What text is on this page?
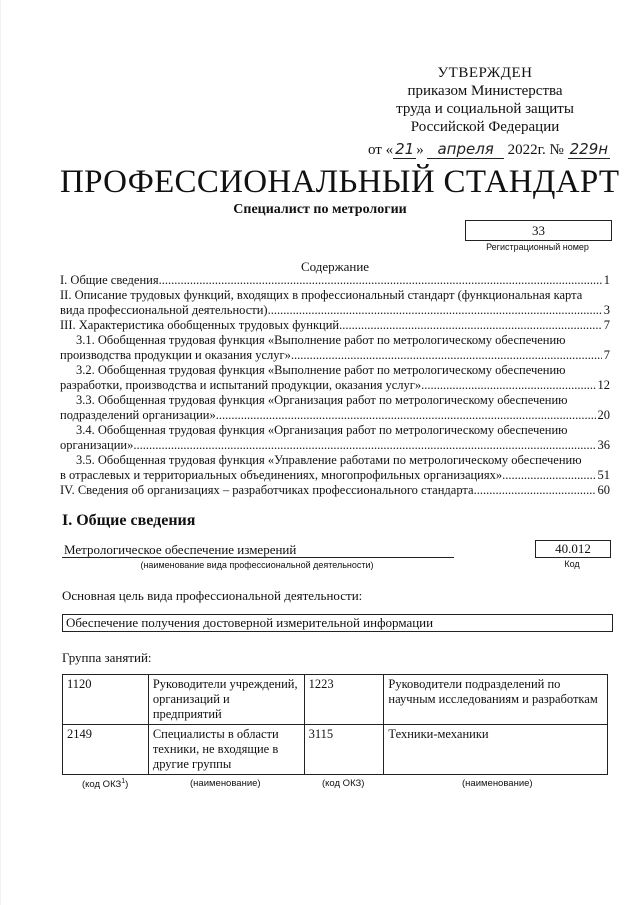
УТВЕРЖДЕН
приказом Министерства
труда и социальной защиты
Российской Федерации
от « 21 » апреля 2022г. № 229н
ПРОФЕССИОНАЛЬНЫЙ СТАНДАРТ
Специалист по метрологии
33
Регистрационный номер
Содержание
I. Общие сведения .....	1
II. Описание трудовых функций, входящих в профессиональный стандарт (функциональная карта
вида профессиональной деятельности) .....	3
III. Характеристика обобщенных трудовых функций .....	7
3.1. Обобщенная трудовая функция «Выполнение работ по метрологическому обеспечению
производства продукции и оказания услуг» .....	7
3.2. Обобщенная трудовая функция «Выполнение работ по метрологическому обеспечению
разработки, производства и испытаний продукции, оказания услуг» .....	12
3.3. Обобщенная трудовая функция «Организация работ по метрологическому обеспечению
подразделений организации» .....	20
3.4. Обобщенная трудовая функция «Организация работ по метрологическому обеспечению
организации» .....	36
3.5. Обобщенная трудовая функция «Управление работами по метрологическому обеспечению
в отраслевых и территориальных объединениях, многопрофильных организациях» .....	51
IV. Сведения об организациях – разработчиках профессионального стандарта .....	60
I. Общие сведения
Метрологическое обеспечение измерений
(наименование вида профессиональной деятельности)
40.012
Код
Основная цель вида профессиональной деятельности:
Обеспечение получения достоверной измерительной информации
Группа занятий:
1120	Руководители учреждений, организаций и предприятий	1223	Руководители подразделений по научным исследованиям и разработкам
2149	Специалисты в области техники, не входящие в другие группы	3115	Техники-механики
(код ОКЗ$^1$)	(наименование)	(код ОКЗ)	(наименование)
